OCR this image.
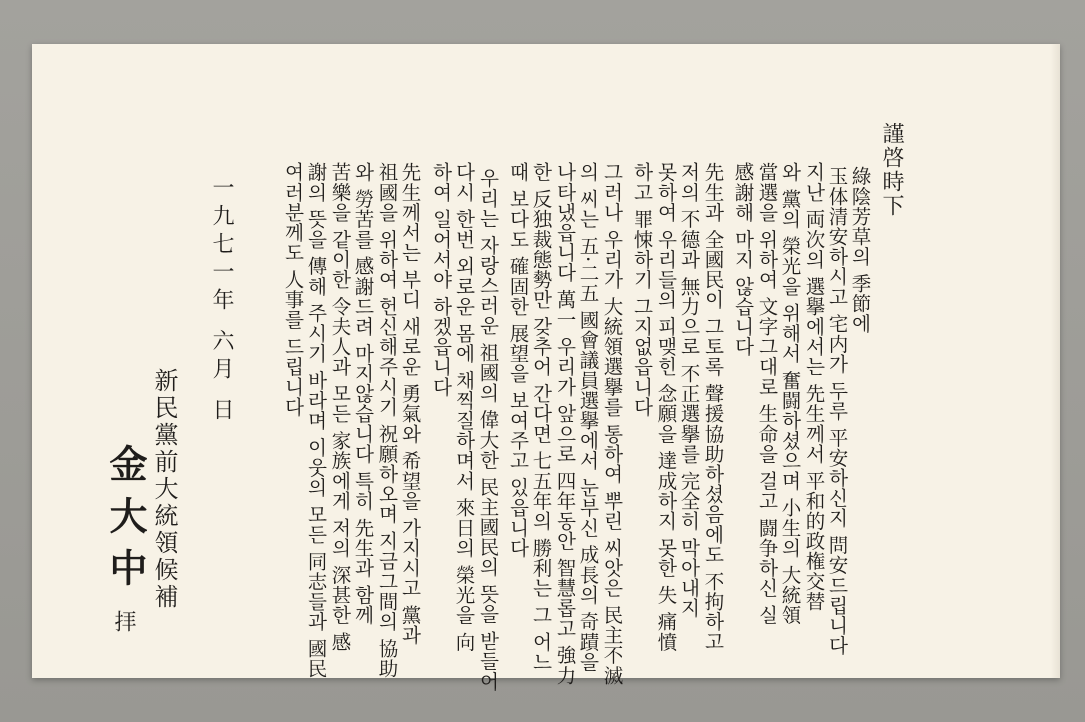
謹啓時下
綠陰芳草의 季節에
玉体清安하시고 宅内가 두루 平安하신지 問安드립니다
지난 両次의 選擧에서는 先生께서 平和的政権交替
와 黨의 榮光을 위해서 奮闘하셨으며 小生의 大統領
當選을 위하여 文字그대로 生命을 걸고 闘争하신 실
感謝해 마지 않습니다
先生과 全國民이 그토록 聲援協助하셨음에도 不拘하고
저의 不德과 無力으로 不正選擧를 完全히 막아내지
못하여 우리들의 피맺힌 念願을 達成하지 못한 失 痛憤
하고 罪悚하기 그지없읍니다
그러나 우리가 大統領選擧를 통하여 뿌린 씨앗은 民主不滅
의 씨는 五·二五 國會議員選擧에서 눈부신 成長의 奇蹟을
나타냈읍니다 萬一 우리가 앞으로 四年동안 智慧롭고 強力
한 反独裁態勢만 갖추어 간다면 七五年의 勝利는 그 어느
때 보다도 確固한 展望을 보여주고 있읍니다
우리는 자랑스러운 祖國의 偉大한 民主國民의 뜻을 받들어
다시 한번 외로운 몸에 채찍질하며서 來日의 榮光을 向
하여 일어서야 하겠읍니다
先生께서는 부디 새로운 勇氣와 希望을 가지시고 黨과
祖國을 위하여 헌신해주시기 祝願하오며 지금그間의 協助
와 勞苦를 感謝드려 마지않습니다 특히 先生과 함께
苦樂을 같이한 令夫人과 모든 家族에게 저의 深甚한 感
謝의 뜻을 傳해 주시기 바라며 이웃의 모든 同志들과 國民
여러분께도 人事를 드립니다
一九七一年 六月 日
新民黨前大統領候補
金大中
拝
